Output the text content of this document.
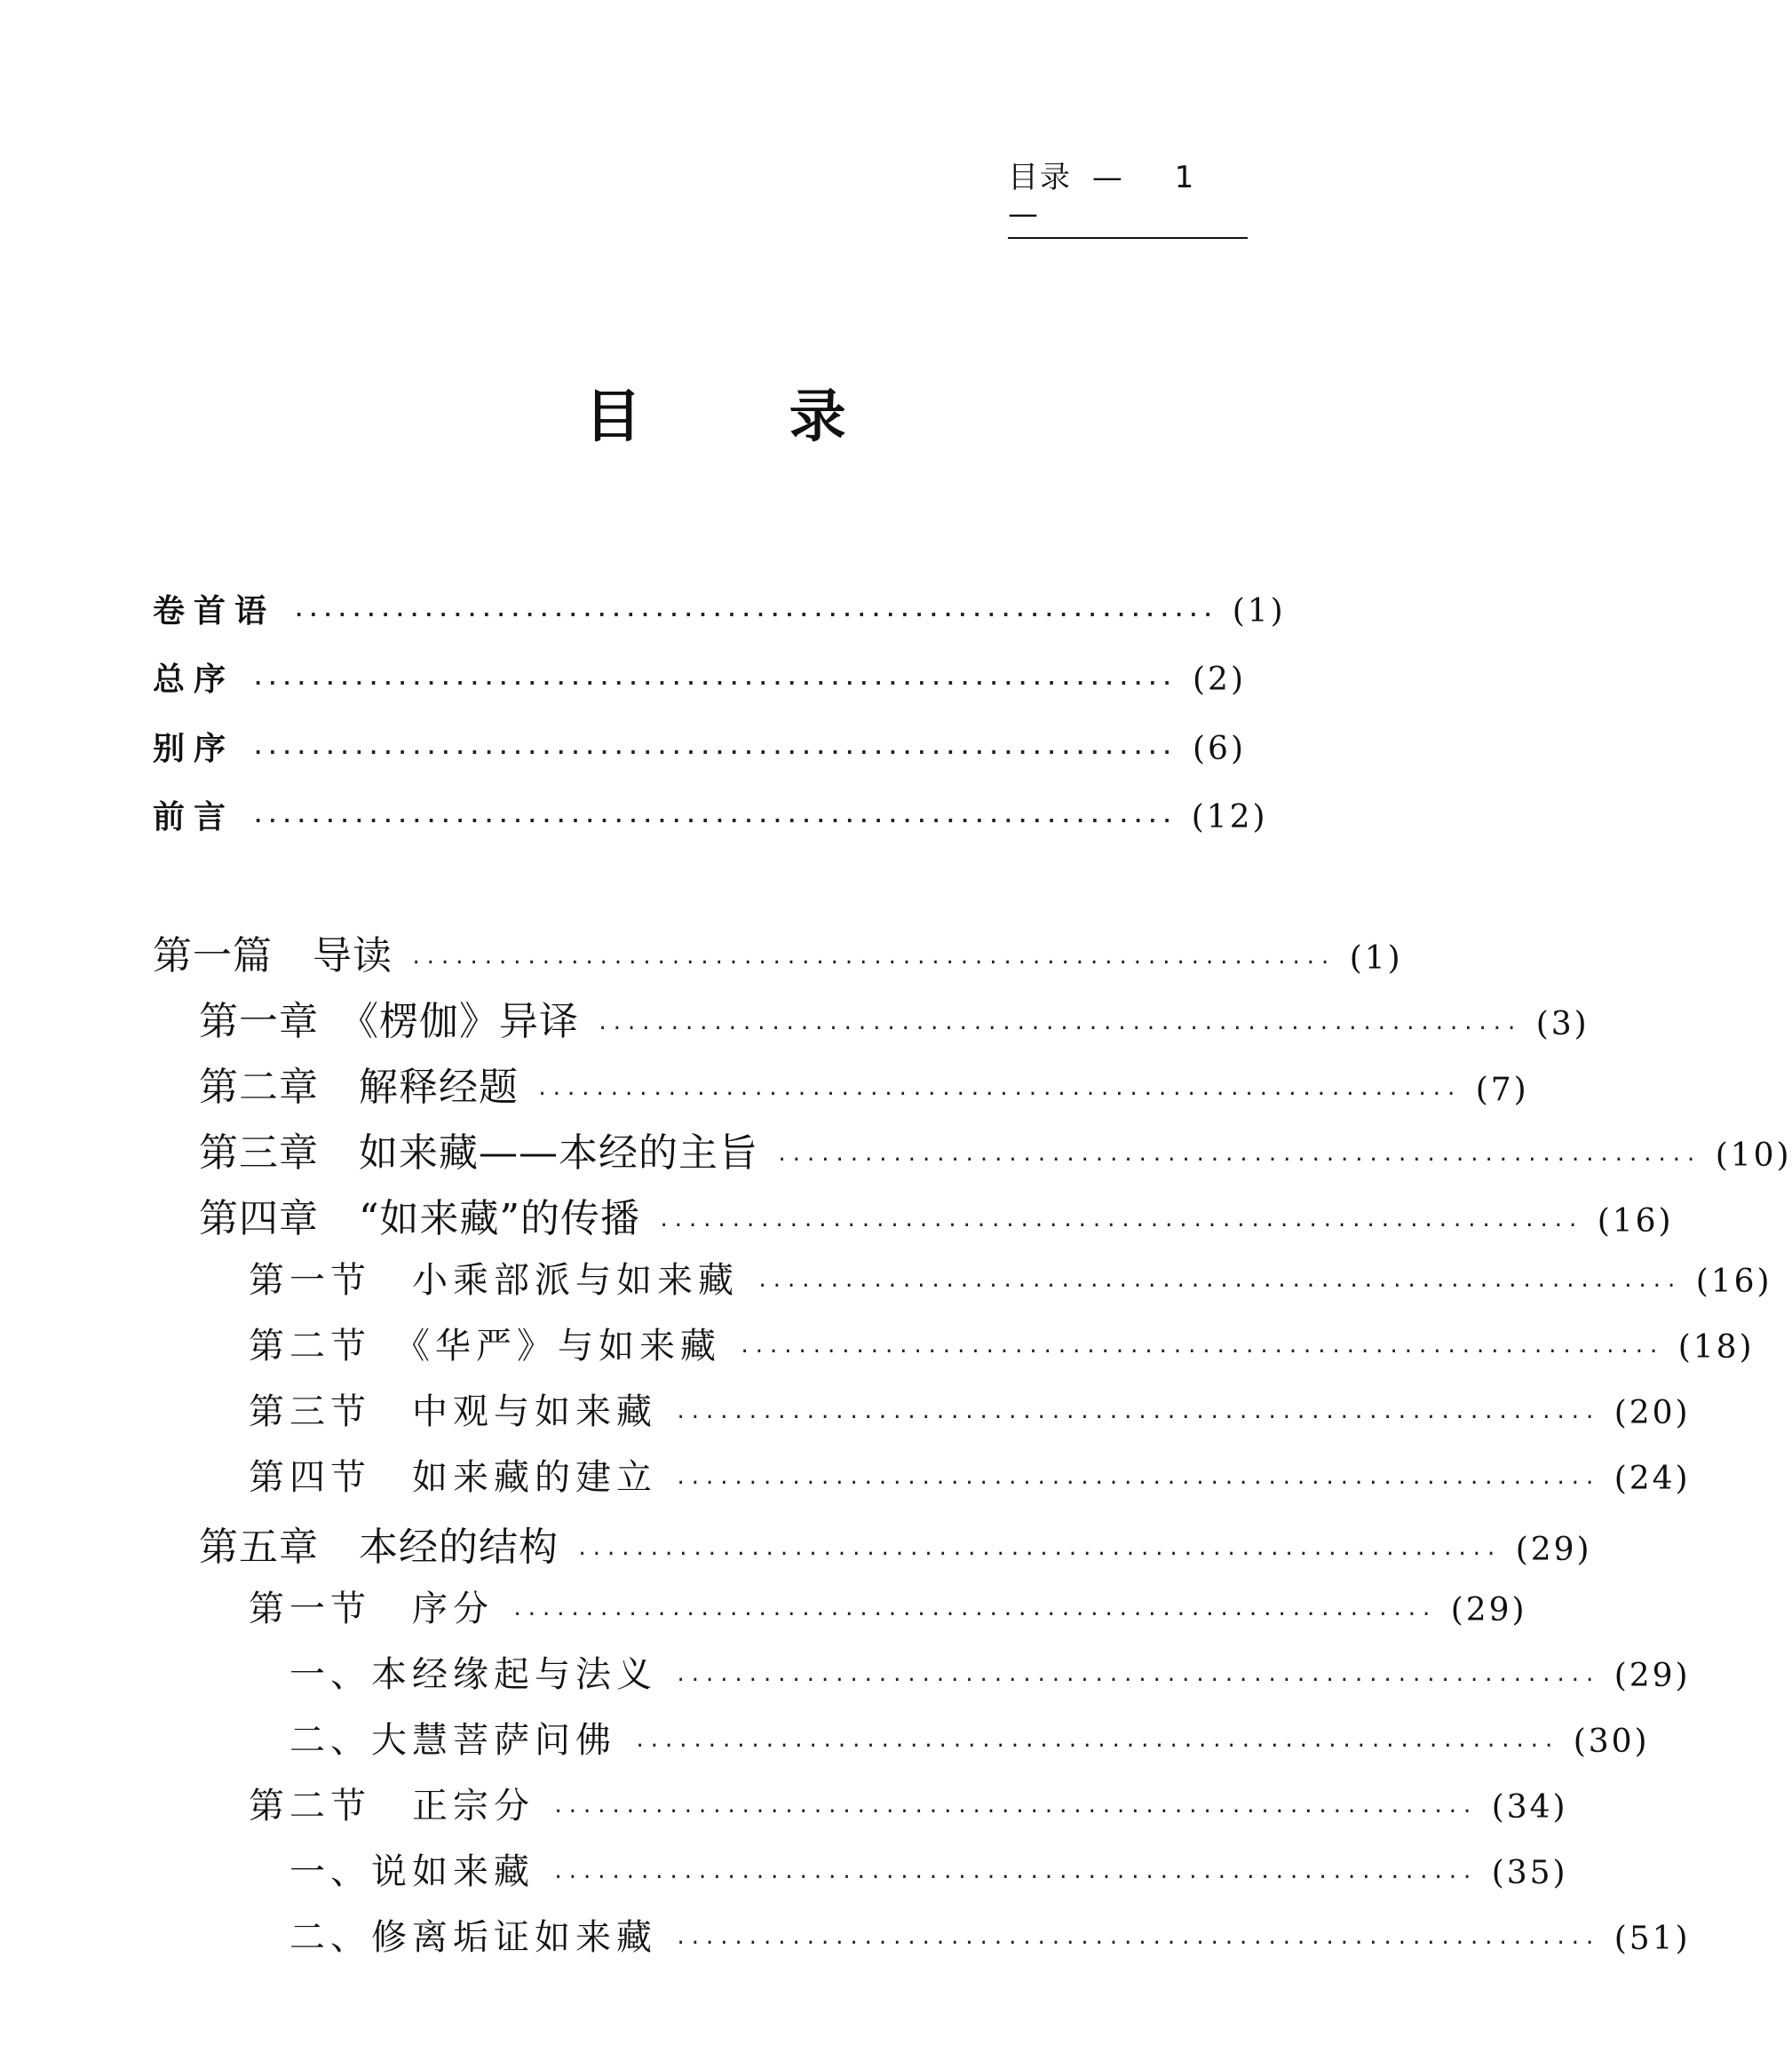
目录 — 1 —
目 录
卷首语 ································································ (1)
总序 ································································ (2)
别序 ································································ (6)
前言 ································································ (12)
第一篇　导读 ································································ (1)
第一章　《楞伽》异译 ································································ (3)
第二章　解释经题 ································································ (7)
第三章　如来藏——本经的主旨 ································································ (10)
第四章　“如来藏”的传播 ································································ (16)
第一节　小乘部派与如来藏 ································································ (16)
第二节　《华严》与如来藏 ································································ (18)
第三节　中观与如来藏 ································································ (20)
第四节　如来藏的建立 ································································ (24)
第五章　本经的结构 ································································ (29)
第一节　序分 ································································ (29)
一、本经缘起与法义 ································································ (29)
二、大慧菩萨问佛 ································································ (30)
第二节　正宗分 ································································ (34)
一、说如来藏 ································································ (35)
二、修离垢证如来藏 ································································ (51)
